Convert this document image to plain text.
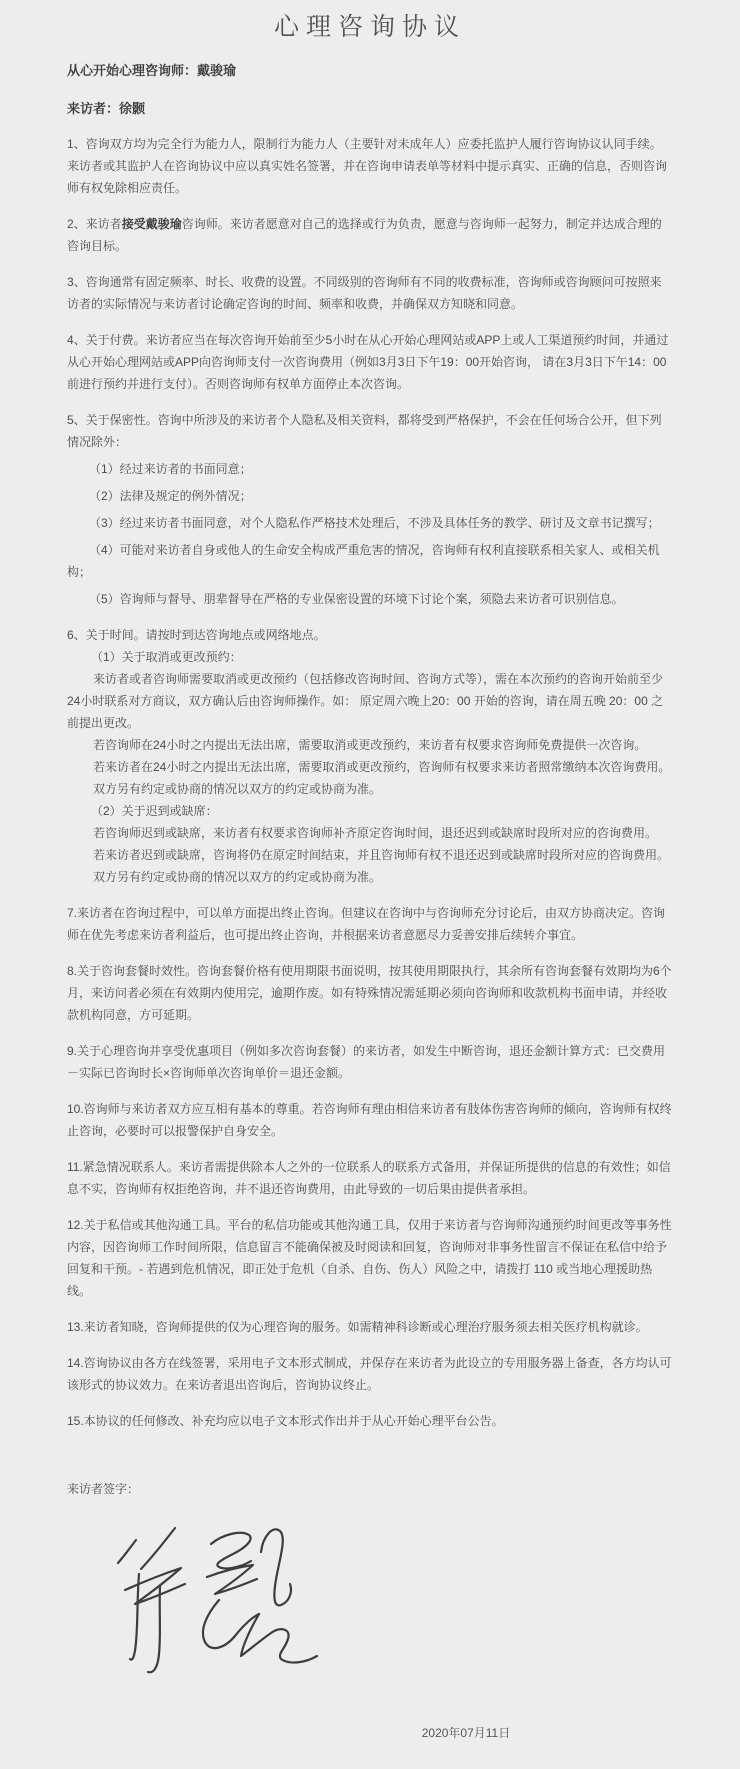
心理咨询协议
从心开始心理咨询师：戴骏瑜
来访者：徐颢

1、咨询双方均为完全行为能力人，限制行为能力人（主要针对未成年人）应委托监护人履行咨询协议认同手续。来访者或其监护人在咨询协议中应以真实姓名签署，并在咨询申请表单等材料中提示真实、正确的信息，否则咨询师有权免除相应责任。

2、来访者接受戴骏瑜咨询师。来访者愿意对自己的选择或行为负责，愿意与咨询师一起努力，制定并达成合理的咨询目标。

3、咨询通常有固定频率、时长、收费的设置。不同级别的咨询师有不同的收费标准，咨询师或咨询顾问可按照来访者的实际情况与来访者讨论确定咨询的时间、频率和收费，并确保双方知晓和同意。

4、关于付费。来访者应当在每次咨询开始前至少5小时在从心开始心理网站或APP上或人工渠道预约时间，并通过从心开始心理网站或APP向咨询师支付一次咨询费用（例如3月3日下午19：00开始咨询， 请在3月3日下午14：00前进行预约并进行支付）。否则咨询师有权单方面停止本次咨询。

5、关于保密性。咨询中所涉及的来访者个人隐私及相关资料，都将受到严格保护，不会在任何场合公开，但下列情况除外：

（1）经过来访者的书面同意；

（2）法律及规定的例外情况；

（3）经过来访者书面同意，对个人隐私作严格技术处理后，不涉及具体任务的教学、研讨及文章书记撰写；

（4）可能对来访者自身或他人的生命安全构成严重危害的情况，咨询师有权利直接联系相关家人、或相关机构；

（5）咨询师与督导、朋辈督导在严格的专业保密设置的环境下讨论个案，须隐去来访者可识别信息。

6、关于时间。请按时到达咨询地点或网络地点。

（1）关于取消或更改预约：

来访者或者咨询师需要取消或更改预约（包括修改咨询时间、咨询方式等），需在本次预约的咨询开始前至少24小时联系对方商议，双方确认后由咨询师操作。如： 原定周六晚上20：00 开始的咨询，请在周五晚 20：00 之前提出更改。

若咨询师在24小时之内提出无法出席，需要取消或更改预约，来访者有权要求咨询师免费提供一次咨询。

若来访者在24小时之内提出无法出席，需要取消或更改预约，咨询师有权要求来访者照常缴纳本次咨询费用。

双方另有约定或协商的情况以双方的约定或协商为准。

（2）关于迟到或缺席：

若咨询师迟到或缺席，来访者有权要求咨询师补齐原定咨询时间，退还迟到或缺席时段所对应的咨询费用。

若来访者迟到或缺席，咨询将仍在原定时间结束，并且咨询师有权不退还迟到或缺席时段所对应的咨询费用。

双方另有约定或协商的情况以双方的约定或协商为准。

7.来访者在咨询过程中，可以单方面提出终止咨询。但建议在咨询中与咨询师充分讨论后，由双方协商决定。咨询师在优先考虑来访者利益后，也可提出终止咨询，并根据来访者意愿尽力妥善安排后续转介事宜。

8.关于咨询套餐时效性。咨询套餐价格有使用期限书面说明，按其使用期限执行，其余所有咨询套餐有效期均为6个月，来访问者必须在有效期内使用完，逾期作废。如有特殊情况需延期必须向咨询师和收款机构书面申请，并经收款机构同意，方可延期。

9.关于心理咨询并享受优惠项目（例如多次咨询套餐）的来访者，如发生中断咨询，退还金额计算方式：已交费用－实际已咨询时长×咨询师单次咨询单价＝退还金额。

10.咨询师与来访者双方应互相有基本的尊重。若咨询师有理由相信来访者有肢体伤害咨询师的倾向，咨询师有权终止咨询，必要时可以报警保护自身安全。

11.紧急情况联系人。来访者需提供除本人之外的一位联系人的联系方式备用，并保证所提供的信息的有效性；如信息不实，咨询师有权拒绝咨询，并不退还咨询费用，由此导致的一切后果由提供者承担。

12.关于私信或其他沟通工具。平台的私信功能或其他沟通工具，仅用于来访者与咨询师沟通预约时间更改等事务性内容，因咨询师工作时间所限，信息留言不能确保被及时阅读和回复，咨询师对非事务性留言不保证在私信中给予回复和干预。- 若遇到危机情况，即正处于危机（自杀、自伤、伤人）风险之中，请拨打 110 或当地心理援助热线。

13.来访者知晓，咨询师提供的仅为心理咨询的服务。如需精神科诊断或心理治疗服务须去相关医疗机构就诊。

14.咨询协议由各方在线签署，采用电子文本形式制成，并保存在来访者为此设立的专用服务器上备查，各方均认可该形式的协议效力。在来访者退出咨询后，咨询协议终止。

15.本协议的任何修改、补充均应以电子文本形式作出并于从心开始心理平台公告。

来访者签字：
2020年07月11日
